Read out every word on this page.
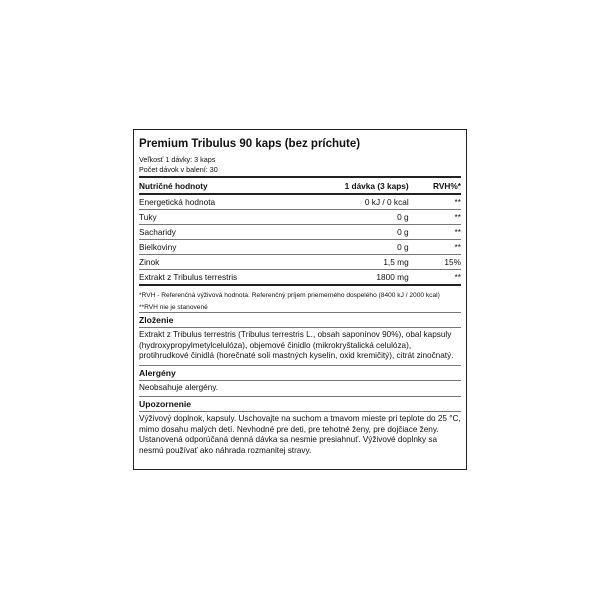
Premium Tribulus 90 kaps (bez príchute)
Veľkosť 1 dávky: 3 kaps
Počet dávok v balení: 30
Nutričné hodnoty	1 dávka (3 kaps)	RVH%*
Energetická hodnota	0 kJ / 0 kcal	**
Tuky	0 g	**
Sacharidy	0 g	**
Bielkoviny	0 g	**
Zinok	1,5 mg	15%
Extrakt z Tribulus terrestris	1800 mg	**
*RVH - Referenčná výživová hodnota. Referenčný príjem priemerného dospelého (8400 kJ / 2000 kcal)
**RVH nie je stanovené
Zloženie
Extrakt z Tribulus terrestris (Tribulus terrestris L., obsah saponínov 90%), obal kapsuly (hydroxypropylmetylcelulóza), objemové činidlo (mikrokryštalická celulóza), protihrudkové činidlá (horečnaté soli mastných kyselín, oxid kremičitý), citrát zinočnatý.
Alergény
Neobsahuje alergény.
Upozornenie
Výživový doplnok, kapsuly. Uschovajte na suchom a tmavom mieste pri teplote do 25 °C, mimo dosahu malých detí. Nevhodné pre deti, pre tehotné ženy, pre dojčiace ženy. Ustanovená odporúčaná denná dávka sa nesmie presiahnuť. Výživové doplnky sa nesmú používať ako náhrada rozmanitej stravy.
